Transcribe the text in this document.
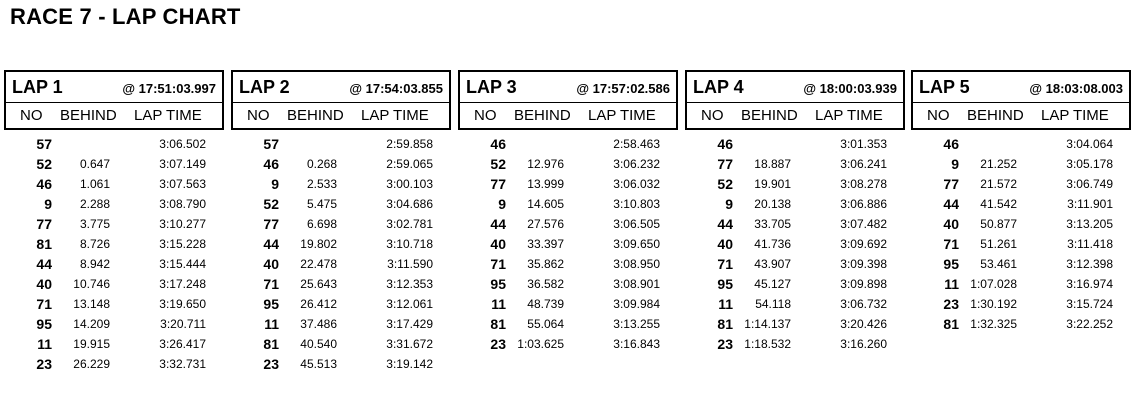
RACE 7 - LAP CHART
LAP 1	@ 17:51:03.997
NO BEHIND LAP TIME
57	3:06.502
52	0.647	3:07.149
46	1.061	3:07.563
9	2.288	3:08.790
77	3.775	3:10.277
81	8.726	3:15.228
44	8.942	3:15.444
40	10.746	3:17.248
71	13.148	3:19.650
95	14.209	3:20.711
11	19.915	3:26.417
23	26.229	3:32.731
LAP 2	@ 17:54:03.855
NO BEHIND LAP TIME
57	2:59.858
46	0.268	2:59.065
9	2.533	3:00.103
52	5.475	3:04.686
77	6.698	3:02.781
44	19.802	3:10.718
40	22.478	3:11.590
71	25.643	3:12.353
95	26.412	3:12.061
11	37.486	3:17.429
81	40.540	3:31.672
23	45.513	3:19.142
LAP 3	@ 17:57:02.586
NO BEHIND LAP TIME
46	2:58.463
52	12.976	3:06.232
77	13.999	3:06.032
9	14.605	3:10.803
44	27.576	3:06.505
40	33.397	3:09.650
71	35.862	3:08.950
95	36.582	3:08.901
11	48.739	3:09.984
81	55.064	3:13.255
23 1:03.625	3:16.843
LAP 4	@ 18:00:03.939
NO BEHIND LAP TIME
46	3:01.353
77	18.887	3:06.241
52	19.901	3:08.278
9	20.138	3:06.886
44	33.705	3:07.482
40	41.736	3:09.692
71	43.907	3:09.398
95	45.127	3:09.898
11	54.118	3:06.732
81 1:14.137	3:20.426
23 1:18.532	3:16.260
LAP 5	@ 18:03:08.003
NO BEHIND LAP TIME
46	3:04.064
9	21.252	3:05.178
77	21.572	3:06.749
44	41.542	3:11.901
40	50.877	3:13.205
71	51.261	3:11.418
95	53.461	3:12.398
11 1:07.028	3:16.974
23 1:30.192	3:15.724
81 1:32.325	3:22.252
